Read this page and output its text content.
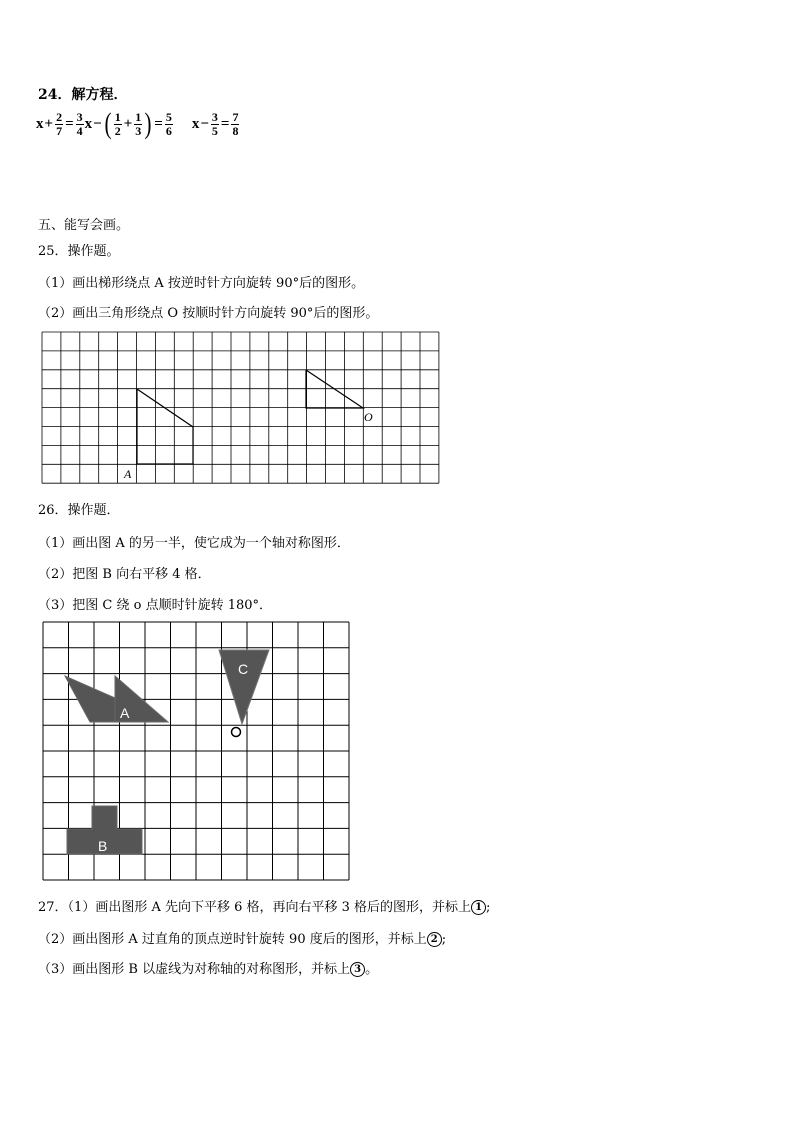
24．解方程．
$x + \frac{2}{7} = \frac{3}{4}$ x − ( $\frac{1}{2} + \frac{1}{3}$ ) = $\frac{5}{6}$ $x - \frac{3}{5} = \frac{7}{8}$
五、能写会画。
25．操作题。
（1）画出梯形绕点 A 按逆时针方向旋转 90°后的图形。
（2）画出三角形绕点 O 按顺时针方向旋转 90°后的图形。
A
O
26．操作题．
（1）画出图 A 的另一半，使它成为一个轴对称图形．
（2）把图 B 向右平移 4 格．
（3）把图 C 绕 o 点顺时针旋转 180°．
A
C
B
27．（1）画出图形 A 先向下平移 6 格，再向右平移 3 格后的图形，并标上 1 ;
（2）画出图形 A 过直角的顶点逆时针旋转 90 度后的图形，并标上 2 ;
（3）画出图形 B 以虚线为对称轴的对称图形，并标上 3 。
